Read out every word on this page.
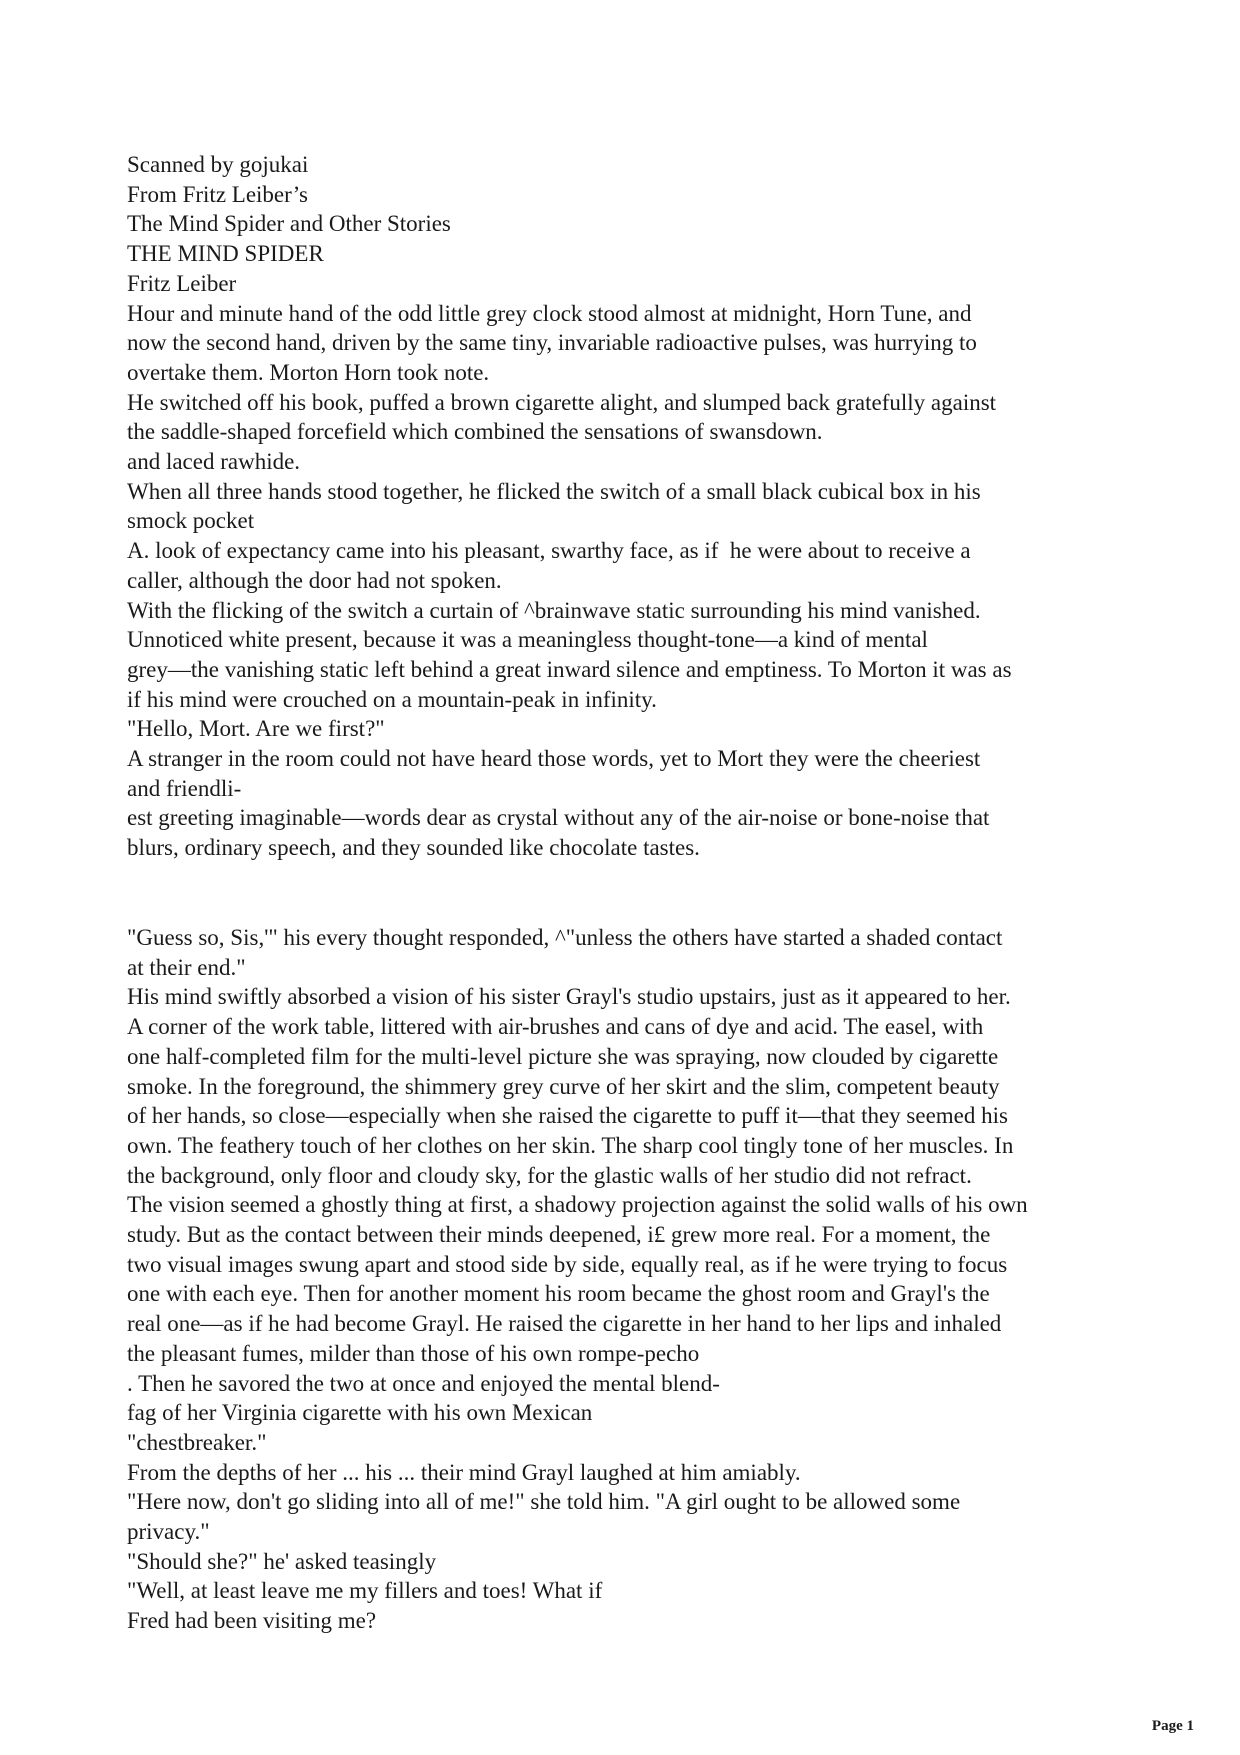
Scanned by gojukai
From Fritz Leiber’s
The Mind Spider and Other Stories
THE MIND SPIDER
Fritz Leiber
Hour and minute hand of the odd little grey clock stood almost at midnight, Horn Tune, and
now the second hand, driven by the same tiny, invariable radioactive pulses, was hurrying to
overtake them. Morton Horn took note.
He switched off his book, puffed a brown cigarette alight, and slumped back gratefully against
the saddle-shaped forcefield which combined the sensations of swansdown.
and laced rawhide.
When all three hands stood together, he flicked the switch of a small black cubical box in his
smock pocket
A. look of expectancy came into his pleasant, swarthy face, as if  he were about to receive a
caller, although the door had not spoken.
With the flicking of the switch a curtain of ^brainwave static surrounding his mind vanished.
Unnoticed white present, because it was a meaningless thought-tone—a kind of mental
grey—the vanishing static left behind a great inward silence and emptiness. To Morton it was as
if his mind were crouched on a mountain-peak in infinity.
"Hello, Mort. Are we first?"
A stranger in the room could not have heard those words, yet to Mort they were the cheeriest
and friendli-
est greeting imaginable—words dear as crystal without any of the air-noise or bone-noise that
blurs, ordinary speech, and they sounded like chocolate tastes.
"Guess so, Sis,'" his every thought responded, ^"unless the others have started a shaded contact
at their end."
His mind swiftly absorbed a vision of his sister Grayl's studio upstairs, just as it appeared to her.
A corner of the work table, littered with air-brushes and cans of dye and acid. The easel, with
one half-completed film for the multi-level picture she was spraying, now clouded by cigarette
smoke. In the foreground, the shimmery grey curve of her skirt and the slim, competent beauty
of her hands, so close—especially when she raised the cigarette to puff it—that they seemed his
own. The feathery touch of her clothes on her skin. The sharp cool tingly tone of her muscles. In
the background, only floor and cloudy sky, for the glastic walls of her studio did not refract.
The vision seemed a ghostly thing at first, a shadowy projection against the solid walls of his own
study. But as the contact between their minds deepened, i£ grew more real. For a moment, the
two visual images swung apart and stood side by side, equally real, as if he were trying to focus
one with each eye. Then for another moment his room became the ghost room and Grayl's the
real one—as if he had become Grayl. He raised the cigarette in her hand to her lips and inhaled
the pleasant fumes, milder than those of his own rompe-pecho
. Then he savored the two at once and enjoyed the mental blend-
fag of her Virginia cigarette with his own Mexican
"chestbreaker."
From the depths of her ... his ... their mind Grayl laughed at him amiably.
"Here now, don't go sliding into all of me!" she told him. "A girl ought to be allowed some
privacy."
"Should she?" he' asked teasingly
"Well, at least leave me my fillers and toes! What if
Fred had been visiting me?
Page 1
